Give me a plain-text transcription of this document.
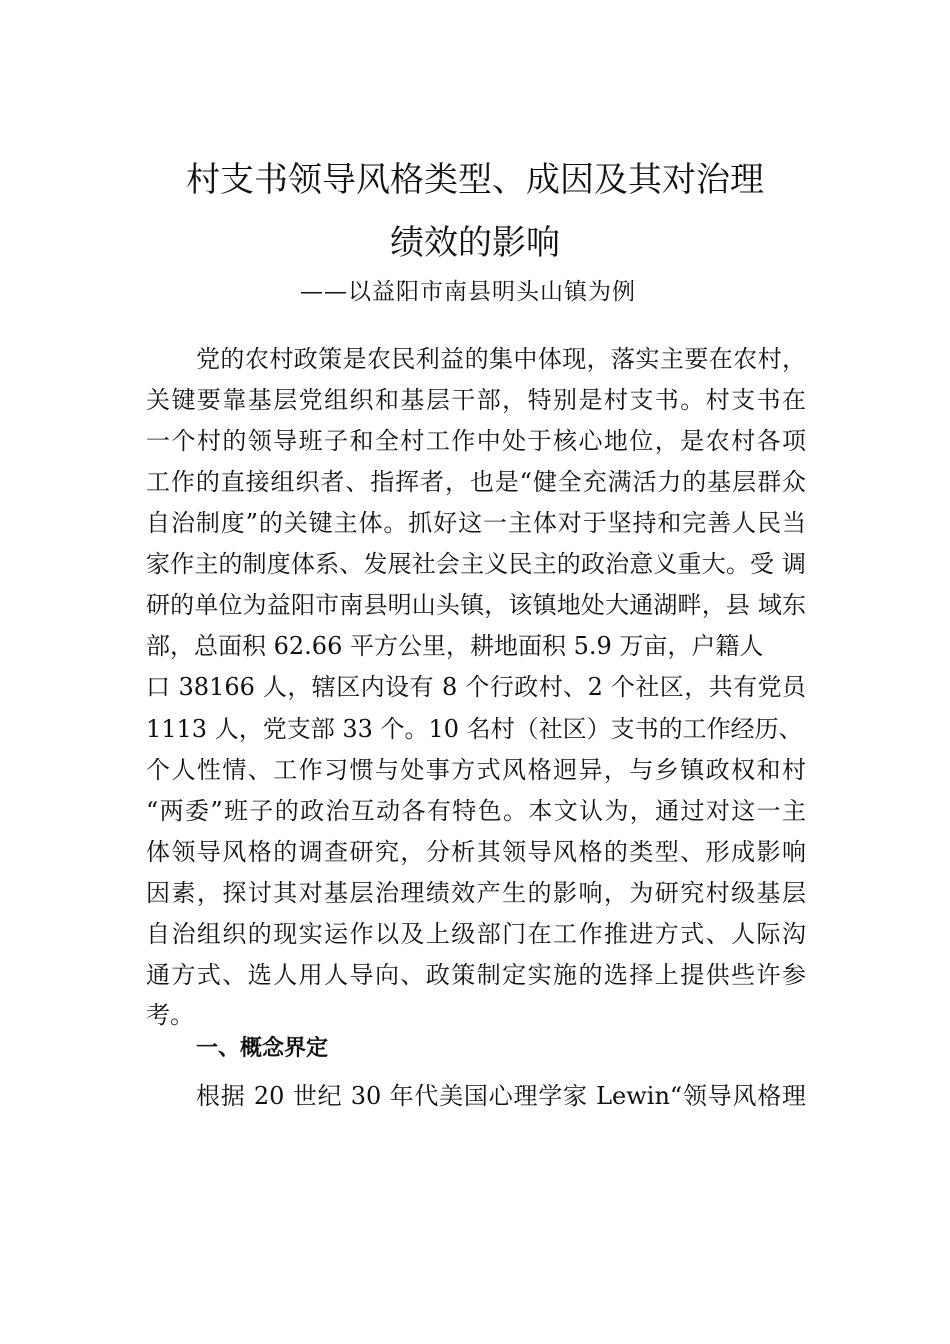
村支书领导风格类型、成因及其对治理
绩效的影响
——以益阳市南县明头山镇为例
党的农村政策是农民利益的集中体现，落实主要在农村，
关键要靠基层党组织和基层干部，特别是村支书。村支书在
一个村的领导班子和全村工作中处于核心地位，是农村各项
工作的直接组织者、指挥者，也是“健全充满活力的基层群众
自治制度”的关键主体。抓好这一主体对于坚持和完善人民当
家作主的制度体系、发展社会主义民主的政治意义重大。受 调
研的单位为益阳市南县明山头镇，该镇地处大通湖畔，县 域东
部，总面积 62.66 平方公里，耕地面积 5.9 万亩，户籍人
口 38166 人，辖区内设有 8 个行政村、2 个社区，共有党员
1113 人，党支部 33 个。10 名村（社区）支书的工作经历、
个人性情、工作习惯与处事方式风格迥异，与乡镇政权和村
“两委”班子的政治互动各有特色。本文认为，通过对这一主
体领导风格的调查研究，分析其领导风格的类型、形成影响
因素，探讨其对基层治理绩效产生的影响，为研究村级基层
自治组织的现实运作以及上级部门在工作推进方式、人际沟
通方式、选人用人导向、政策制定实施的选择上提供些许参
考。
一、概念界定
根据 20 世纪 30 年代美国心理学家 Lewin“领导风格理
